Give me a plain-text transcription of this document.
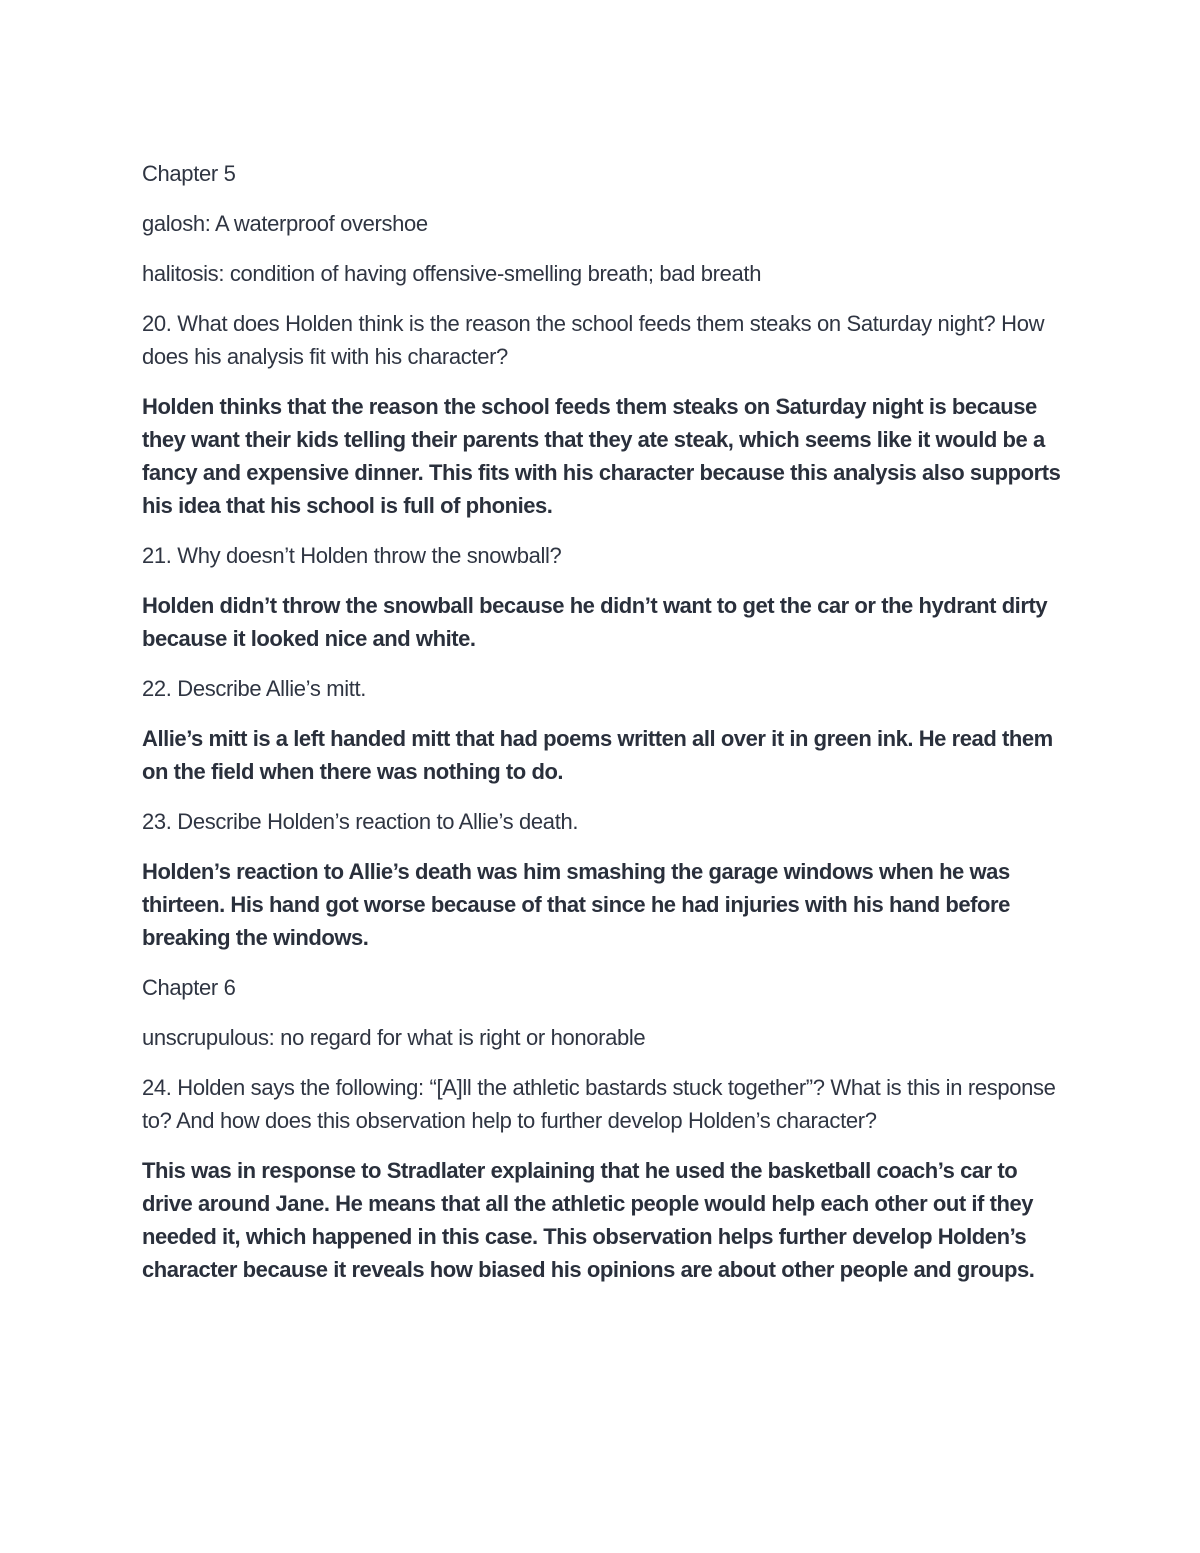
Chapter 5

galosh: A waterproof overshoe

halitosis: condition of having offensive-smelling breath; bad breath

20. What does Holden think is the reason the school feeds them steaks on Saturday night? How does his analysis fit with his character?

Holden thinks that the reason the school feeds them steaks on Saturday night is because they want their kids telling their parents that they ate steak, which seems like it would be a fancy and expensive dinner. This fits with his character because this analysis also supports his idea that his school is full of phonies.

21. Why doesn’t Holden throw the snowball?

Holden didn’t throw the snowball because he didn’t want to get the car or the hydrant dirty because it looked nice and white.

22. Describe Allie’s mitt.

Allie’s mitt is a left handed mitt that had poems written all over it in green ink. He read them on the field when there was nothing to do.

23. Describe Holden’s reaction to Allie’s death.

Holden’s reaction to Allie’s death was him smashing the garage windows when he was thirteen. His hand got worse because of that since he had injuries with his hand before breaking the windows.

Chapter 6

unscrupulous: no regard for what is right or honorable

24. Holden says the following: “[A]ll the athletic bastards stuck together”? What is this in response to? And how does this observation help to further develop Holden’s character?

This was in response to Stradlater explaining that he used the basketball coach’s car to drive around Jane. He means that all the athletic people would help each other out if they needed it, which happened in this case. This observation helps further develop Holden’s character because it reveals how biased his opinions are about other people and groups.
